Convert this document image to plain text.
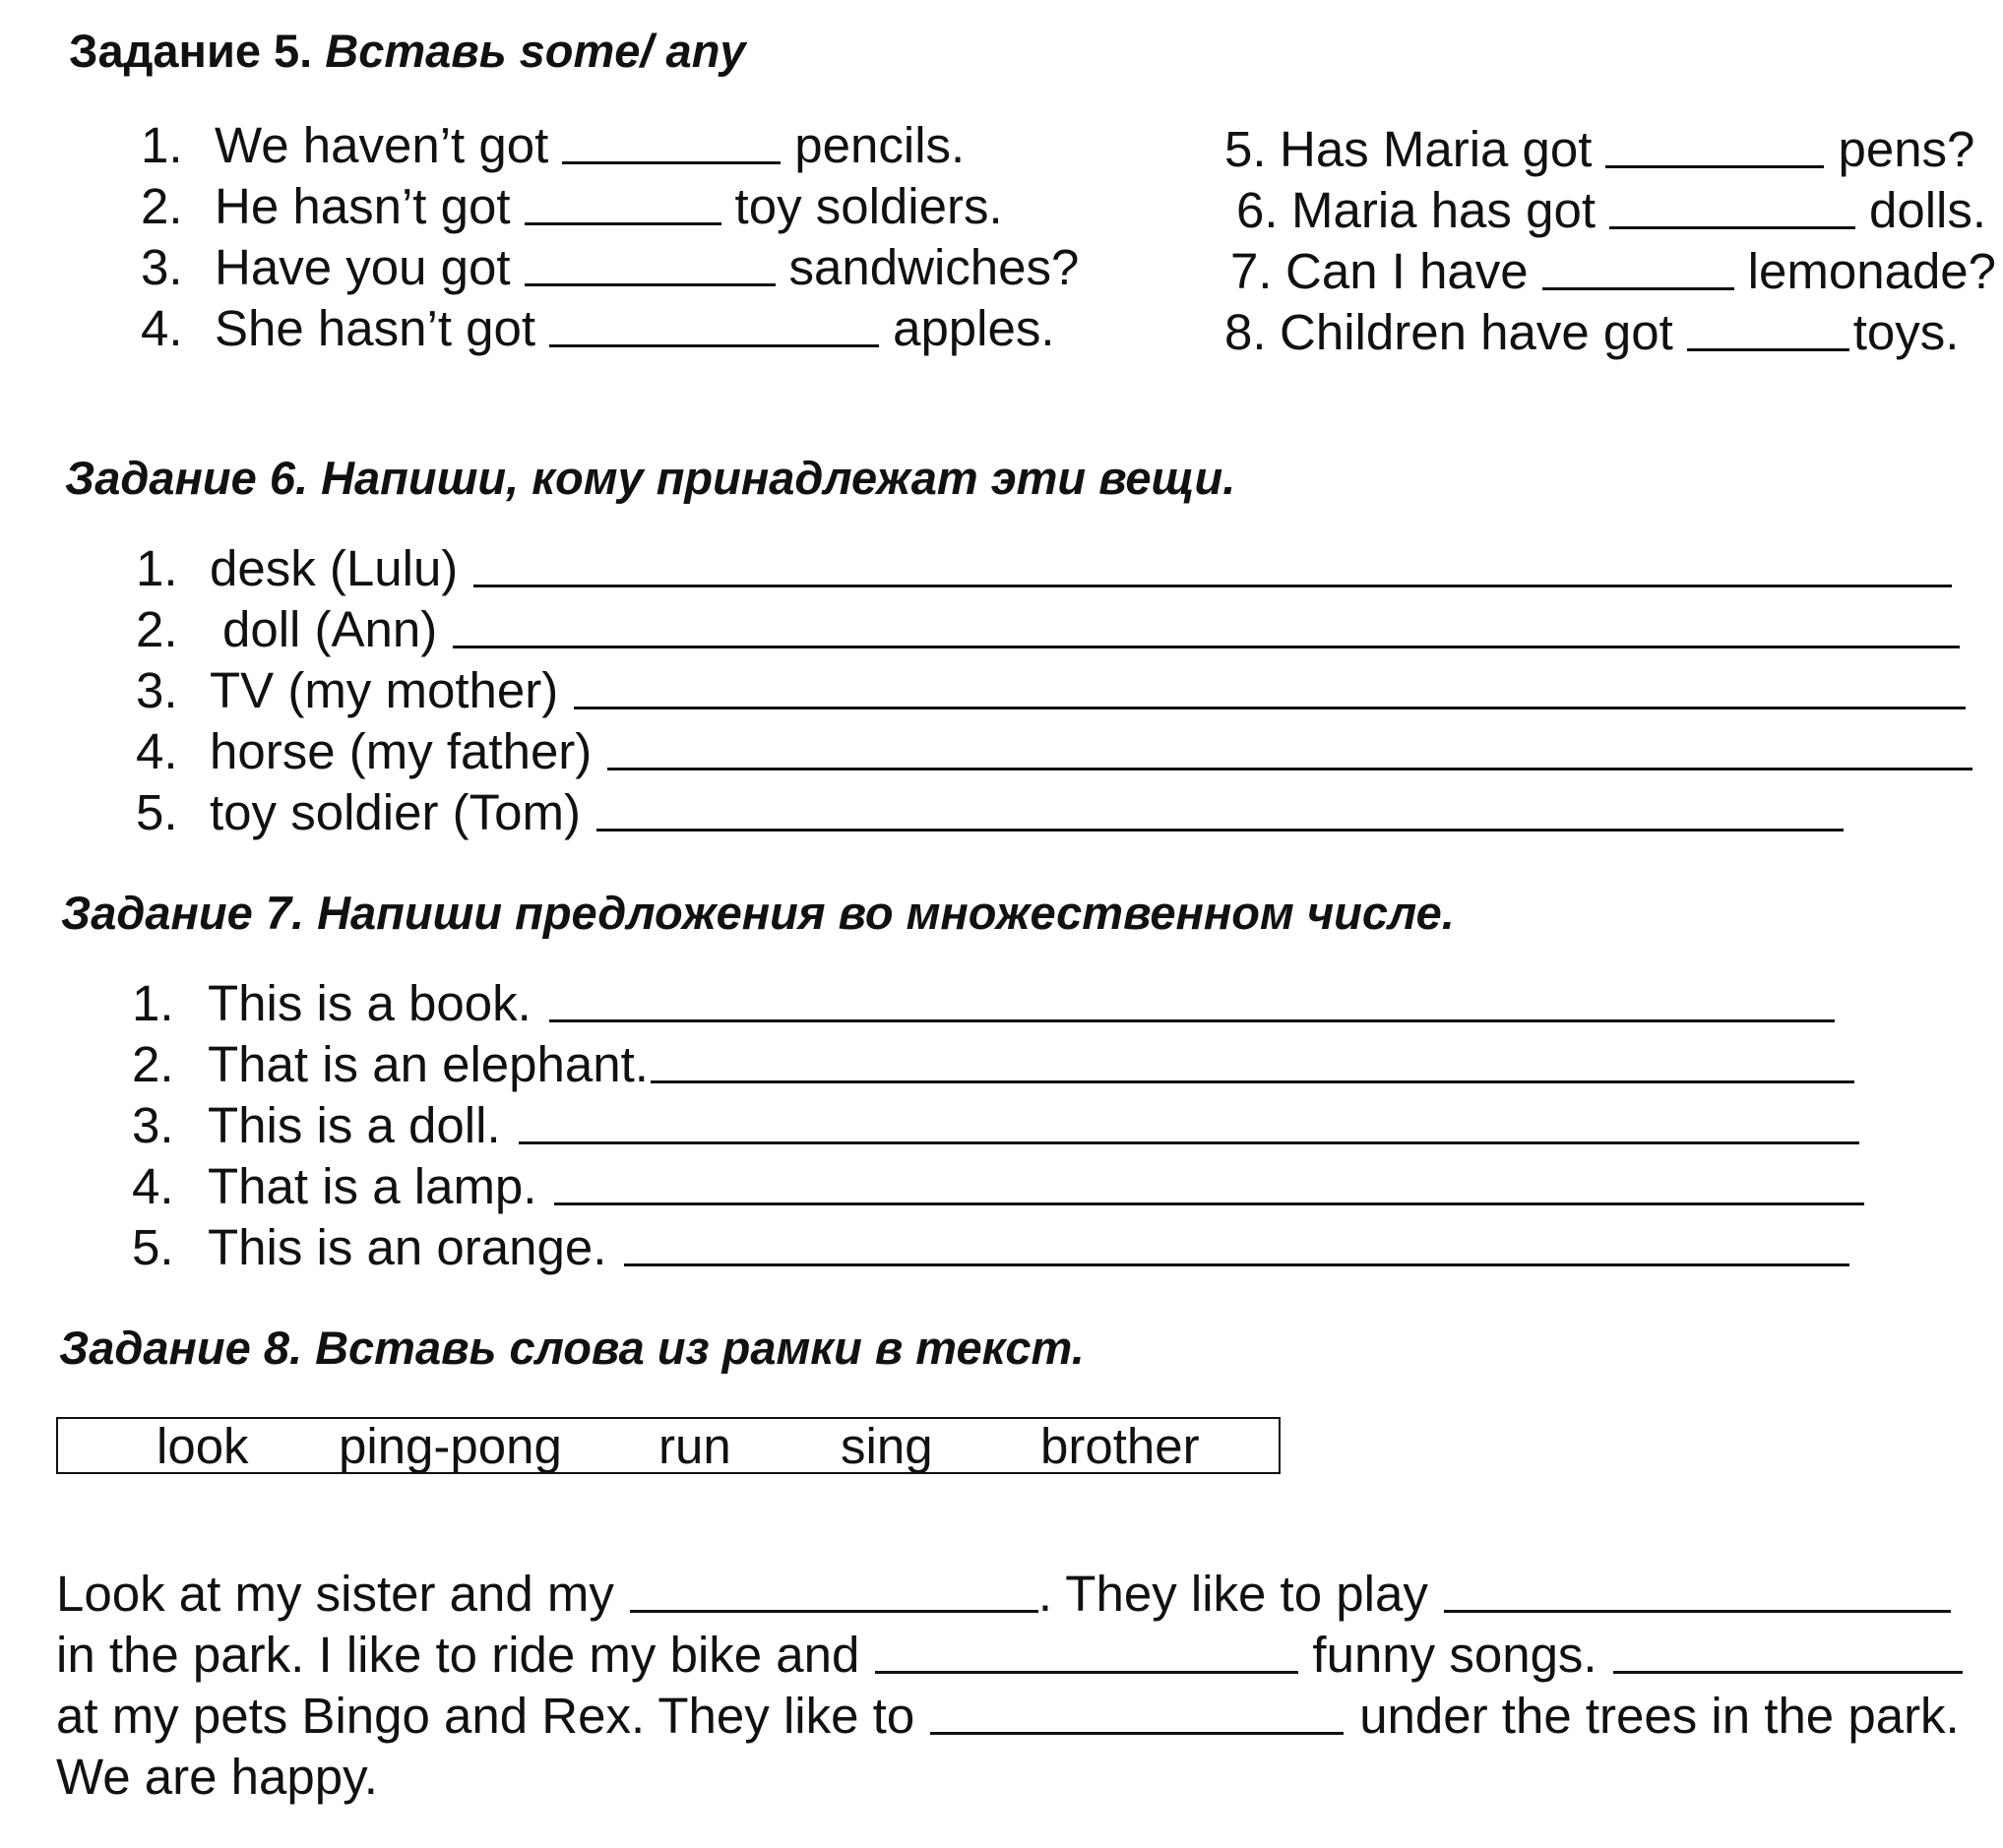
Задание 5. Вставь some/ any
1. We haven’t got	pencils.
2. He hasn’t got	toy soldiers.
3. Have you got	sandwiches?
4. She hasn’t got	apples.
5. Has Maria got	pens?
6. Maria has got	dolls.
7. Can I have	lemonade?
8. Children have got	toys.
Задание 6. Напиши, кому принадлежат эти вещи.
1. desk (Lulu)
2. doll (Ann)
3. TV (my mother)
4. horse (my father)
5. toy soldier (Tom)
Задание 7. Напиши предложения во множественном числе.
1. This is a book.
2. That is an elephant.
3. This is a doll.
4. That is a lamp.
5. This is an orange.
Задание 8. Вставь слова из рамки в текст.
look ping-pong run sing brother
Look at my sister and my	. They like to play
in the park. I like to ride my bike and	funny songs.
at my pets Bingo and Rex. They like to	under the trees in the park.
We are happy.
